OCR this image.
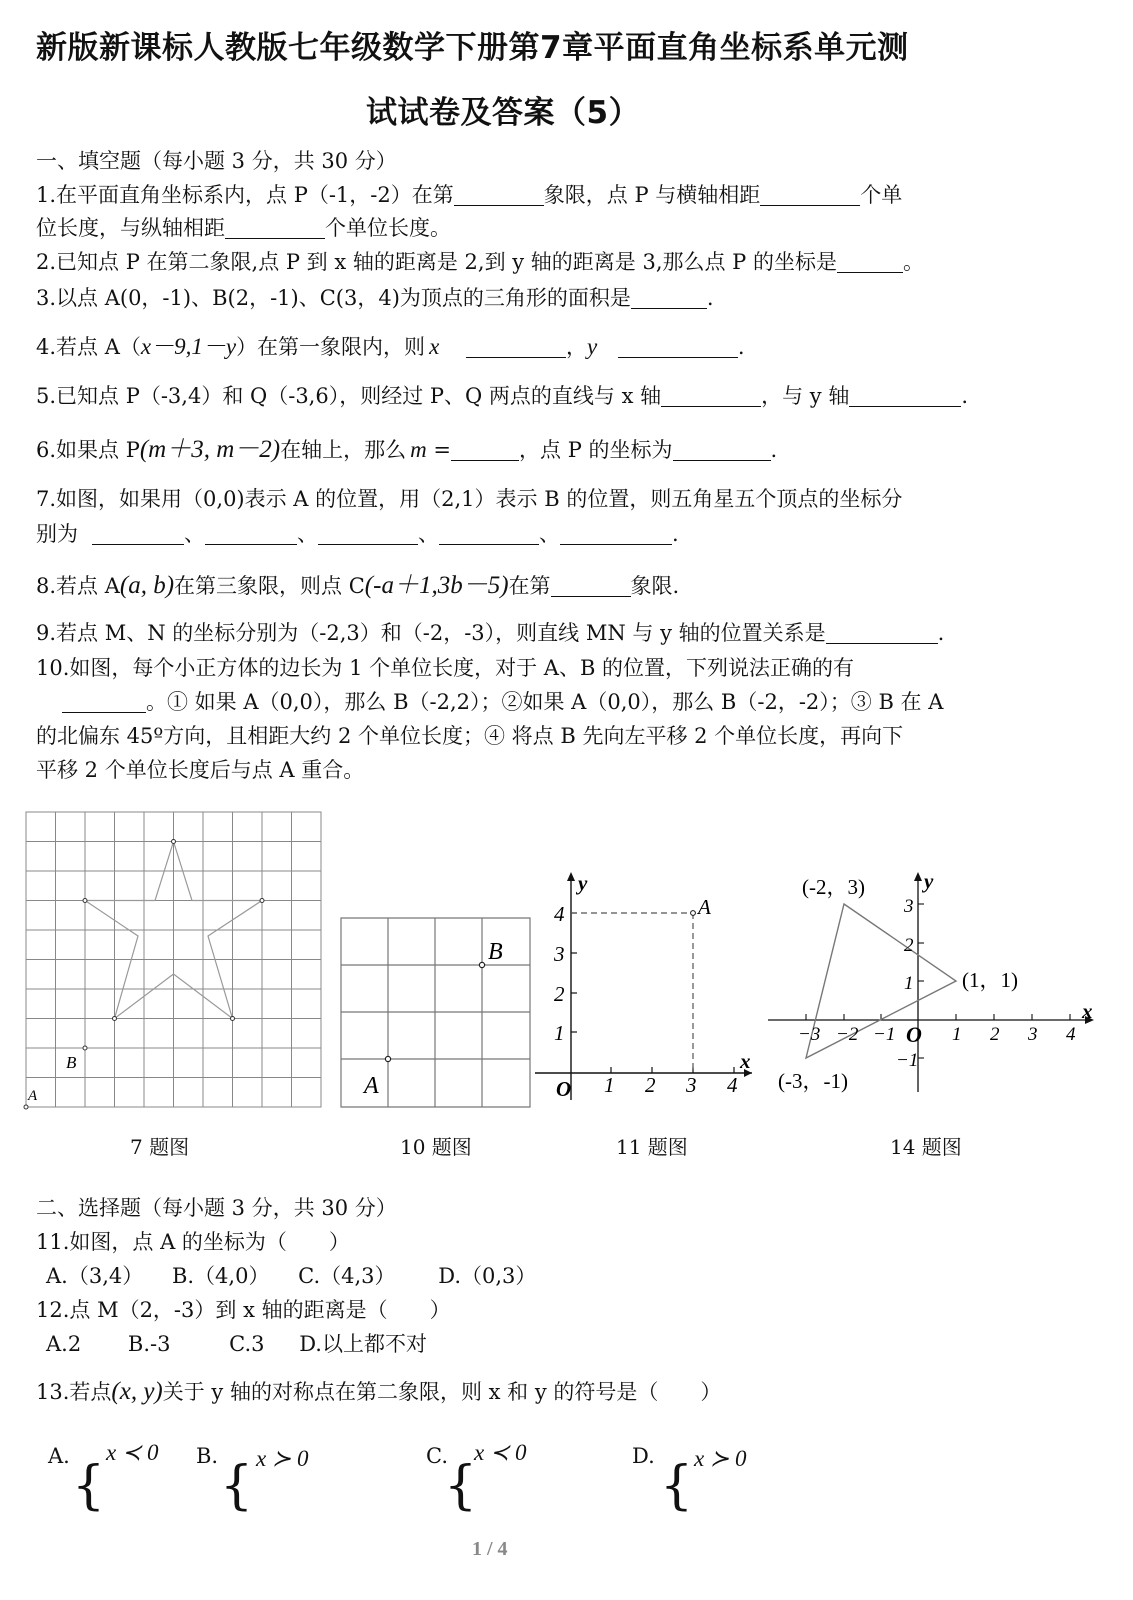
新版新课标人教版七年级数学下册第7章平面直角坐标系单元测
试试卷及答案（5）
一、填空题（每小题 3 分，共 30 分）
1.在平面直角坐标系内，点 P（-1，-2）在第	象限，点 P 与横轴相距	个单
位长度，与纵轴相距	个单位长度。
2.已知点 P 在第二象限,点 P 到 x 轴的距离是 2,到 y 轴的距离是 3,那么点 P 的坐标是	。
3.以点 A(0，-1)、B(2，-1)、C(3，4)为顶点的三角形的面积是	.
4.若点 A（x－9,1－y）在第一象限内，则 x	，y	.
5.已知点 P（-3,4）和 Q（-3,6），则经过 P、Q 两点的直线与 x 轴	，与 y 轴	.
6.如果点 P(m＋3, m－2)在轴上，那么 m =	，点 P 的坐标为	.
7.如图，如果用（0,0)表示 A 的位置，用（2,1）表示 B 的位置，则五角星五个顶点的坐标分
别为	、	、	、	、	.
8.若点 A(a, b)在第三象限，则点 C(-a＋1,3b－5)在第	象限.
9.若点 M、N 的坐标分别为（-2,3）和（-2，-3），则直线 MN 与 y 轴的位置关系是	.
10.如图，每个小正方体的边长为 1 个单位长度，对于 A、B 的位置，下列说法正确的有
。① 如果 A（0,0），那么 B（-2,2）；②如果 A（0,0），那么 B（-2，-2）；③ B 在 A
的北偏东 45º方向，且相距大约 2 个单位长度；④ 将点 B 先向左平移 2 个单位长度，再向下
平移 2 个单位长度后与点 A 重合。
B
A
7 题图
A
B
10 题图
A
y
x
O 1 2 3 4
1
2
3
4
11 题图
y
x
O
−3 −2 −1	1 2 3 4
3
2
1
−1
(-2，3)
(1，1)
(-3，-1)
14 题图
二、选择题（每小题 3 分，共 30 分）
11.如图，点 A 的坐标为（　　）
A.（3,4） B.（4,0） C.（4,3） D.（0,3）
12.点 M（2，-3）到 x 轴的距离是（　　）
A.2 B.-3	C.3 D.以上都不对
13.若点(x, y)关于 y 轴的对称点在第二象限，则 x 和 y 的符号是（　　）
A. x ≺ 0
{	B. x ≻ 0
{	C. x ≺ 0
{	D. x ≻ 0
{
1 / 4
